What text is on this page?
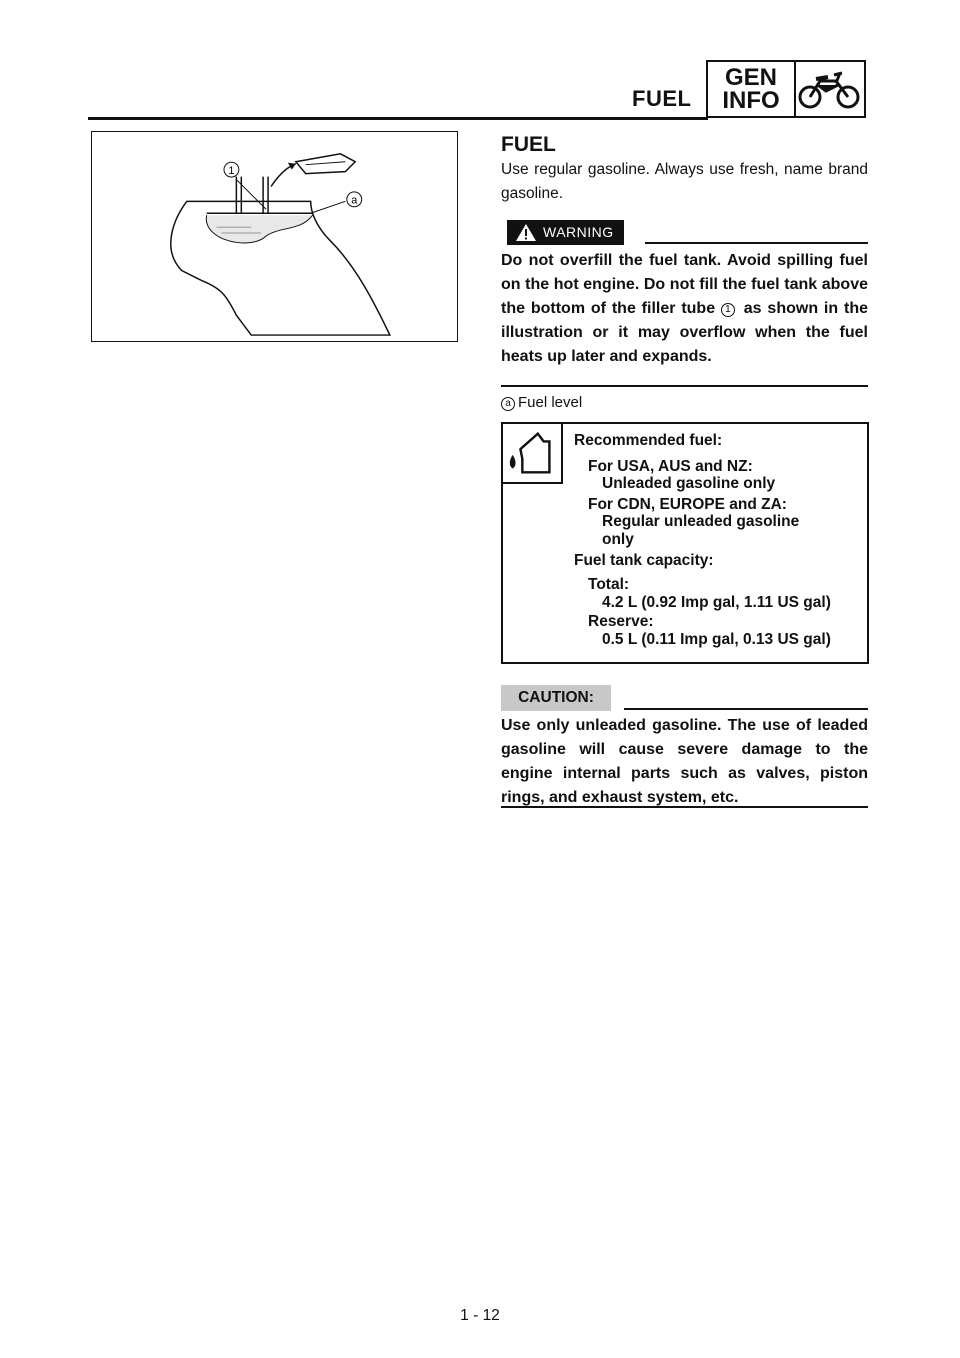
FUEL
GEN
INFO
1
a
FUEL
Use regular gasoline. Always use fresh, name brand gasoline.
WARNING
Do not overfill the fuel tank. Avoid spilling fuel on the hot engine. Do not fill the fuel tank above the bottom of the filler tube 1 as shown in the illustration or it may overflow when the fuel heats up later and expands.
a Fuel level
Recommended fuel:
For USA, AUS and NZ:
Unleaded gasoline only
For CDN, EUROPE and ZA:
Regular unleaded gasoline
only
Fuel tank capacity:
Total:
4.2 L (0.92 Imp gal, 1.11 US gal)
Reserve:
0.5 L (0.11 Imp gal, 0.13 US gal)
CAUTION:
Use only unleaded gasoline. The use of leaded gasoline will cause severe damage to the engine internal parts such as valves, piston rings, and exhaust system, etc.
1 - 12
